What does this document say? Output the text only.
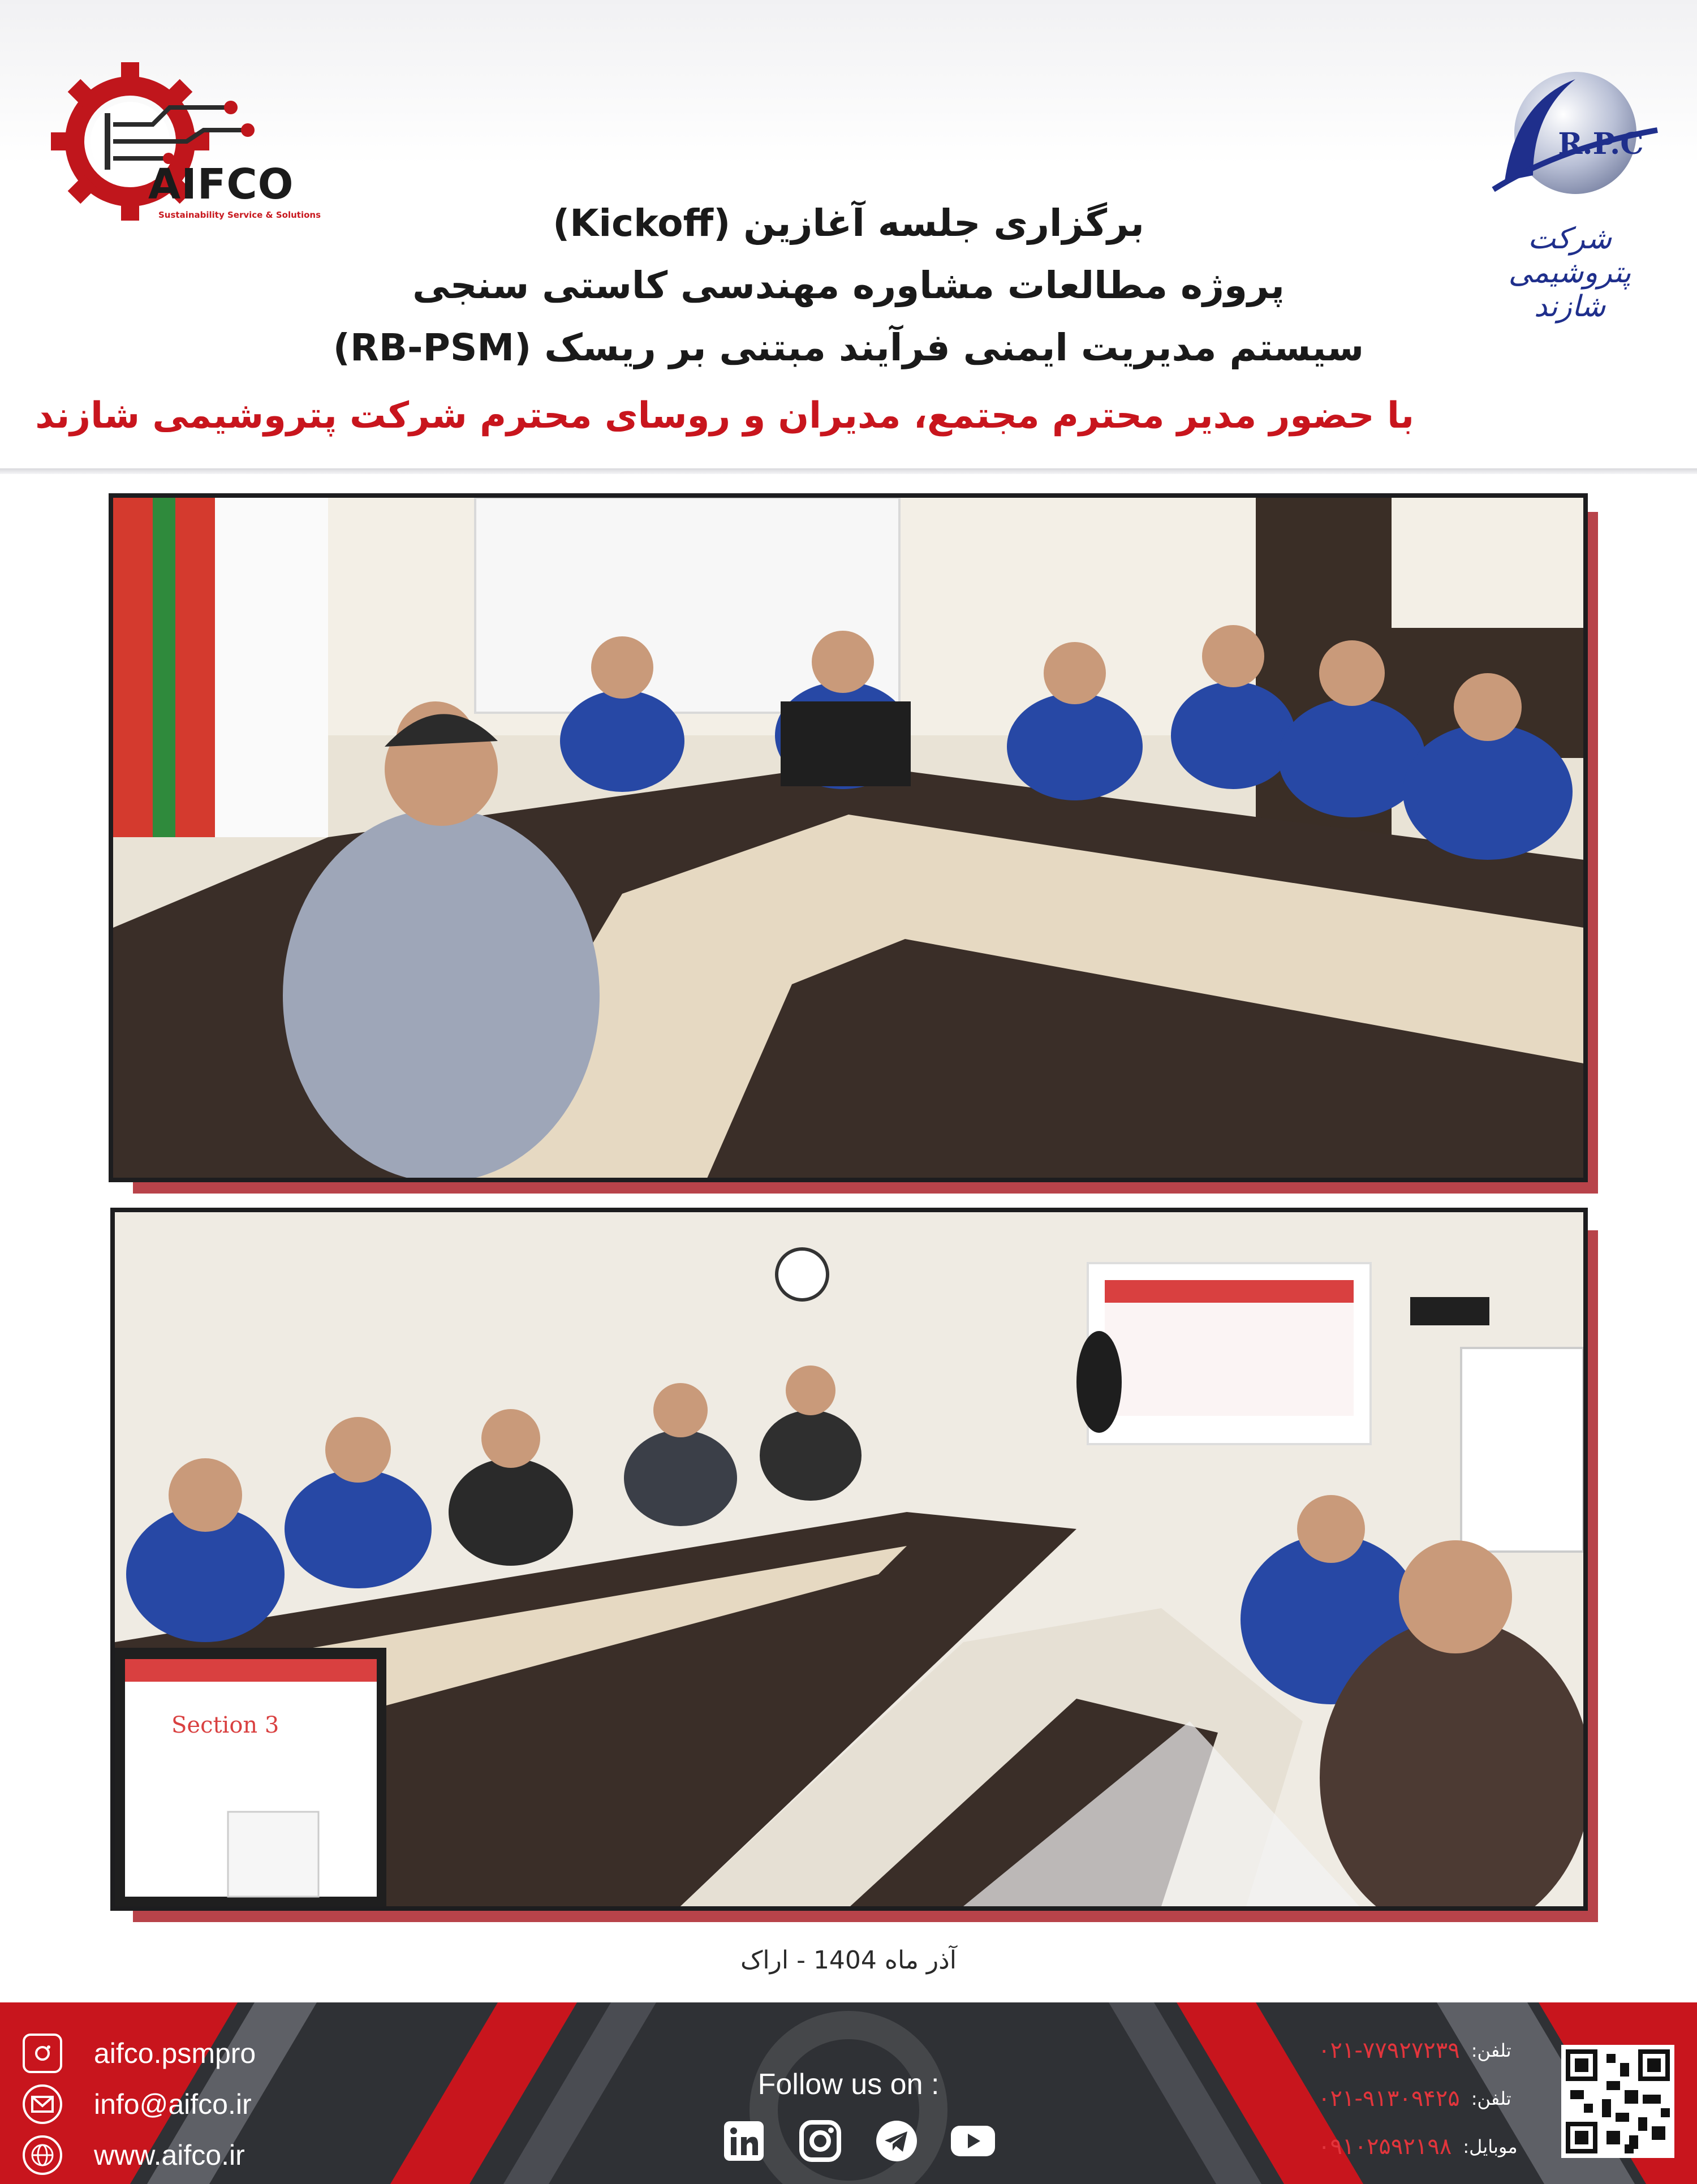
AIFCO
Sustainability Service & Solutions
R.P.C
شرکت پتروشیمی شازند
برگزاری جلسه آغازین (Kickoff)
پروژه مطالعات مشاوره مهندسی کاستی سنجی
سیستم مدیریت ایمنی فرآیند مبتنی بر ریسک (RB-PSM)
با حضور مدیر محترم مجتمع، مدیران و روسای محترم شرکت پتروشیمی شازند
Section 3
آذر ماه 1404 - اراک
aifco.psmpro
info@aifco.ir
www.aifco.ir
Follow us on :
تلفن:
۰۲۱-۷۷۹۲۷۲۳۹
تلفن:
۰۲۱-۹۱۳۰۹۴۲۵
موبایل:
۰۹۱۰۲۵۹۲۱۹۸
